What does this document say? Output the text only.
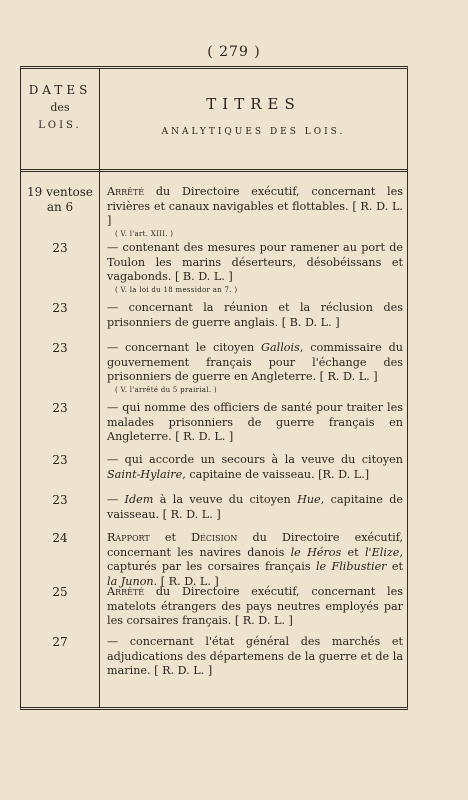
( 279 )
DATES
des
LOIS.
TITRES
ANALYTIQUES DES LOIS.
19 ventose an 6
Arrêté du Directoire exécutif, concernant les rivières et canaux navigables et flottables. [ R. D. L. ]
( V. l'art. XIII. )
23	— contenant des mesures pour ramener au port de Toulon les marins déserteurs, désobéissans et vagabonds. [ B. D. L. ]
( V. la loi du 18 messidor an 7. )
23	— concernant la réunion et la réclusion des prisonniers de guerre anglais. [ B. D. L. ]
23	— concernant le citoyen Gallois, commissaire du gouvernement français pour l'échange des prisonniers de guerre en Angleterre. [ R. D. L. ]
( V. l'arrêté du 5 prairial. )
23	— qui nomme des officiers de santé pour traiter les malades prisonniers de guerre français en Angleterre. [ R. D. L. ]
23	— qui accorde un secours à la veuve du citoyen Saint-Hylaire, capitaine de vaisseau. [R. D. L.]
23	— Idem à la veuve du citoyen Hue, capitaine de vaisseau. [ R. D. L. ]
24	Rapport et Décision du Directoire exécutif, concernant les navires danois le Héros et l'Elize, capturés par les corsaires français le Flibustier et la Junon. [ R. D. L. ]
25	Arrêté du Directoire exécutif, concernant les matelots étrangers des pays neutres employés par les corsaires français. [ R. D. L. ]
27	— concernant l'état général des marchés et adjudications des départemens de la guerre et de la marine. [ R. D. L. ]
